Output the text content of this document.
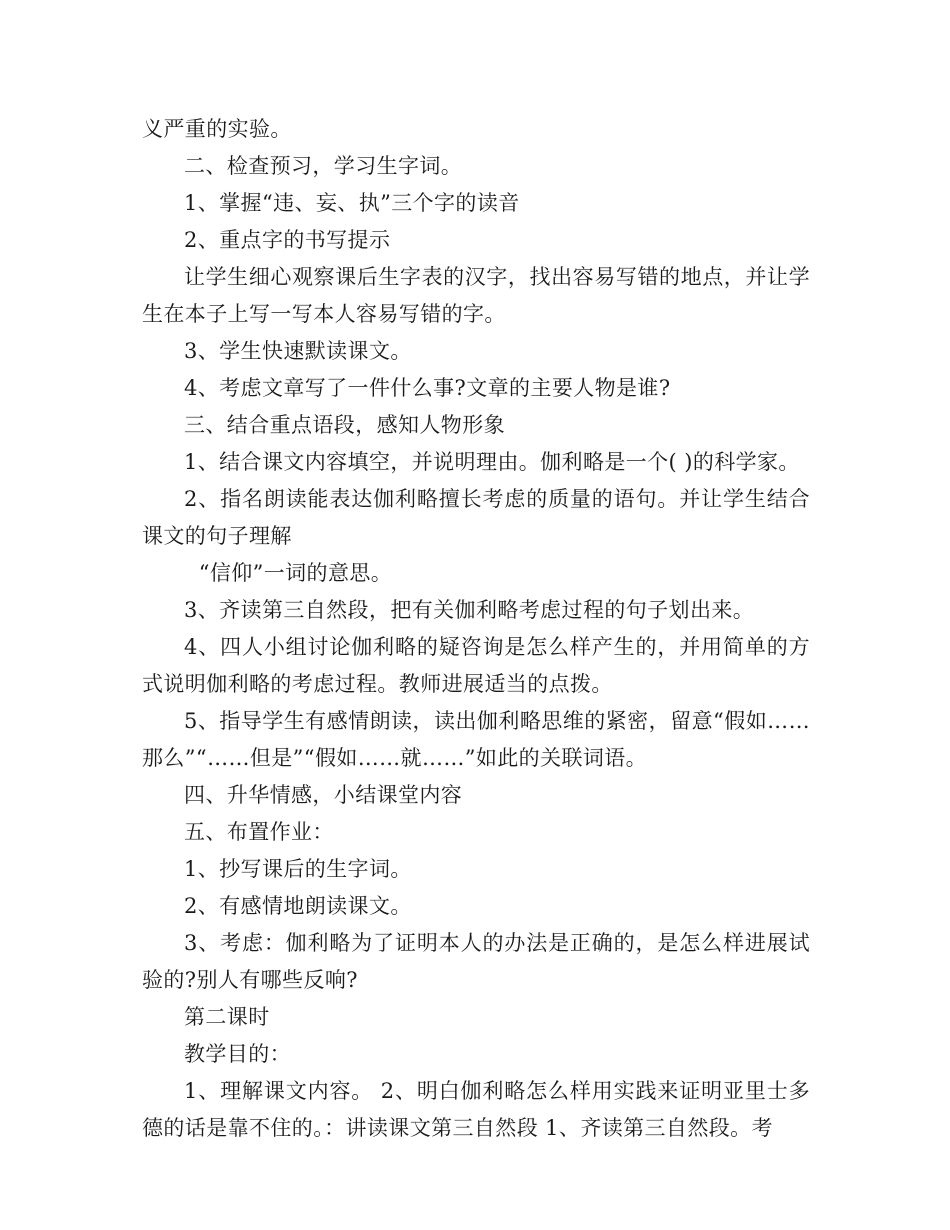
义严重的实验。

二、检查预习，学习生字词。

1、掌握“违、妄、执”三个字的读音

2、重点字的书写提示

让学生细心观察课后生字表的汉字，找出容易写错的地点，并让学生在本子上写一写本人容易写错的字。

3、学生快速默读课文。

4、考虑文章写了一件什么事?文章的主要人物是谁?

三、结合重点语段，感知人物形象

1、结合课文内容填空，并说明理由。伽利略是一个( )的科学家。

2、指名朗读能表达伽利略擅长考虑的质量的语句。并让学生结合课文的句子理解

“信仰”一词的意思。

3、齐读第三自然段，把有关伽利略考虑过程的句子划出来。

4、四人小组讨论伽利略的疑咨询是怎么样产生的，并用简单的方式说明伽利略的考虑过程。教师进展适当的点拨。

5、指导学生有感情朗读，读出伽利略思维的紧密，留意“假如……那么”“……但是”“假如……就……”如此的关联词语。

四、升华情感，小结课堂内容

五、布置作业：

1、抄写课后的生字词。

2、有感情地朗读课文。

3、考虑：伽利略为了证明本人的办法是正确的，是怎么样进展试验的?别人有哪些反响?

第二课时

教学目的：

1、理解课文内容。 2、明白伽利略怎么样用实践来证明亚里士多德的话是靠不住的。：讲读课文第三自然段 1、齐读第三自然段。考
